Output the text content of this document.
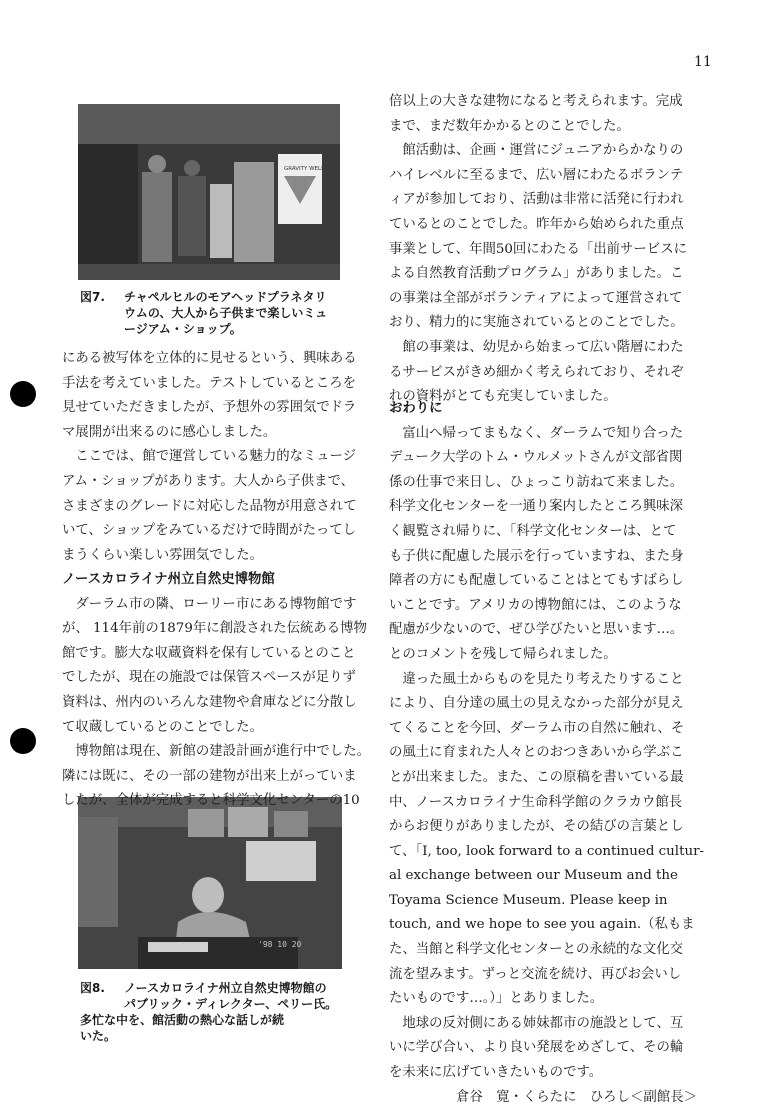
11
GRAVITY WELL
図7.	チャペルヒルのモアヘッドプラネタリ
ウムの、大人から子供まで楽しいミュ
ージアム・ショップ。
'98 10 20
図8.	ノースカロライナ州立自然史博物館の
パブリック・ディレクター、ペリー氏。
多忙な中を、館活動の熱心な話しが続
いた。
にある被写体を立体的に見せるという、興味ある
手法を考えていました。テストしているところを
見せていただきましたが、予想外の雰囲気でドラ
マ展開が出来るのに感心しました。
　ここでは、館で運営している魅力的なミュージ
アム・ショップがあります。大人から子供まで、
さまざまのグレードに対応した品物が用意されて
いて、ショップをみているだけで時間がたってし
まうくらい楽しい雰囲気でした。
ノースカロライナ州立自然史博物館
　ダーラム市の隣、ローリー市にある博物館です
が、 114年前の1879年に創設された伝統ある博物
館です。膨大な収蔵資料を保有しているとのこと
でしたが、現在の施設では保管スペースが足りず
資料は、州内のいろんな建物や倉庫などに分散し
て収蔵しているとのことでした。
　博物館は現在、新館の建設計画が進行中でした。
隣には既に、その一部の建物が出来上がっていま
したが、全体が完成すると科学文化センターの10
倍以上の大きな建物になると考えられます。完成
まで、まだ数年かかるとのことでした。
　館活動は、企画・運営にジュニアからかなりの
ハイレベルに至るまで、広い層にわたるボランテ
ィアが参加しており、活動は非常に活発に行われ
ているとのことでした。昨年から始められた重点
事業として、年間50回にわたる「出前サービスに
よる自然教育活動プログラム」がありました。こ
の事業は全部がボランティアによって運営されて
おり、精力的に実施されているとのことでした。
　館の事業は、幼児から始まって広い階層にわた
るサービスがきめ細かく考えられており、それぞ
れの資料がとても充実していました。
おわりに
　富山へ帰ってまもなく、ダーラムで知り合った
デューク大学のトム・ウルメットさんが文部省関
係の仕事で来日し、ひょっこり訪ねて来ました。
科学文化センターを一通り案内したところ興味深
く観覧され帰りに、「科学文化センターは、とて
も子供に配慮した展示を行っていますね、また身
障者の方にも配慮していることはとてもすばらし
いことです。アメリカの博物館には、このような
配慮が少ないので、ぜひ学びたいと思います…。
とのコメントを残して帰られました。
　違った風土からものを見たり考えたりすること
により、自分達の風土の見えなかった部分が見え
てくることを今回、ダーラム市の自然に触れ、そ
の風土に育まれた人々とのおつきあいから学ぶこ
とが出来ました。また、この原稿を書いている最
中、ノースカロライナ生命科学館のクラカウ館長
からお便りがありましたが、その結びの言葉とし
て、「I, too, look forward to a continued cultur-
al exchange between our Museum and the
Toyama Science Museum. Please keep in
touch, and we hope to see you again.（私もま
た、当館と科学文化センターとの永続的な文化交
流を望みます。ずっと交流を続け、再びお会いし
たいものです…。）」とありました。
　地球の反対側にある姉妹都市の施設として、互
いに学び合い、より良い発展をめざして、その輪
を未来に広げていきたいものです。
　　　　　倉谷　寛・くらたに　ひろし＜副館長＞
